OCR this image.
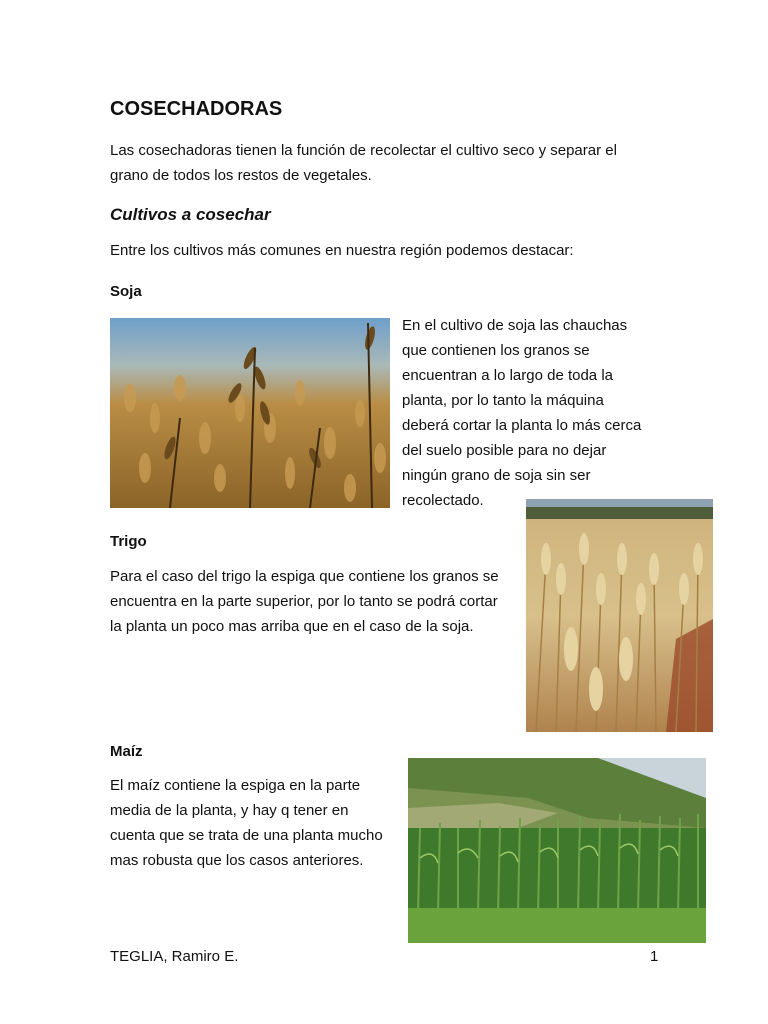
COSECHADORAS
Las cosechadoras tienen la función de recolectar el cultivo seco y separar el grano de todos los restos de vegetales.
Cultivos a cosechar
Entre los cultivos más comunes en nuestra región podemos destacar:
Soja
En el cultivo de soja las chauchas
que contienen los granos se
encuentran a lo largo de toda la
planta, por lo tanto la máquina
deberá cortar la planta lo más cerca
del suelo posible para no dejar
ningún grano de soja sin ser
recolectado.
Trigo
Para el caso del trigo la espiga que contiene los granos se
encuentra en la parte superior, por lo tanto se podrá cortar
la planta un poco mas arriba que en el caso de la soja.
Maíz
El maíz contiene la espiga en la parte
media de la planta, y hay q tener en
cuenta que se trata de una planta mucho
mas robusta que los casos anteriores.
TEGLIA, Ramiro E.	1
